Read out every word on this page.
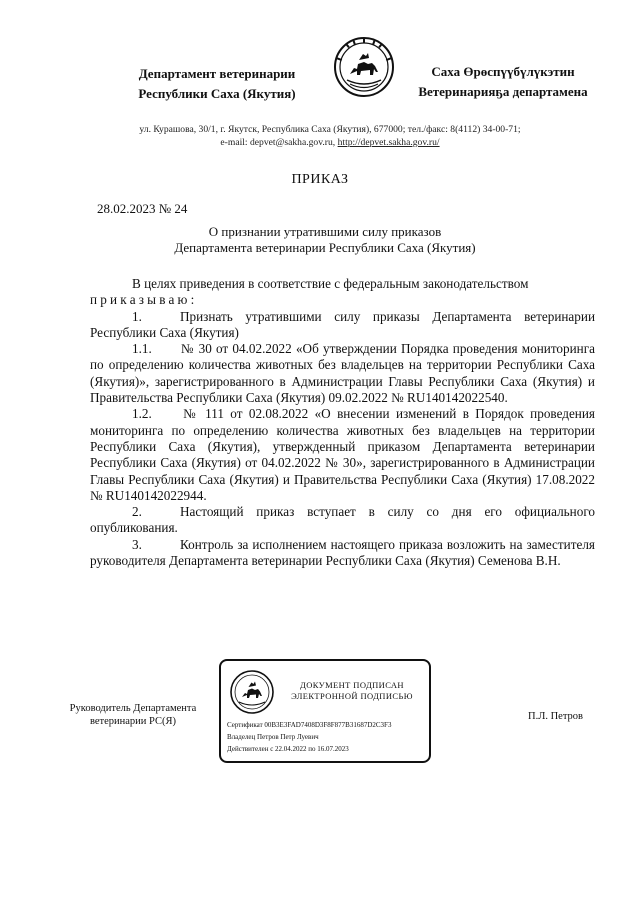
Департамент ветеринарии
Республики Саха (Якутия)
Саха Өрөспүүбүлүкэтин
Ветеринарияҕа департамена
ул. Курашова, 30/1, г. Якутск, Республика Саха (Якутия), 677000; тел./факс: 8(4112) 34-00-71;
e-mail: depvet@sakha.gov.ru, http://depvet.sakha.gov.ru/
ПРИКАЗ
28.02.2023 № 24
О признании утратившими силу приказов
Департамента ветеринарии Республики Саха (Якутия)

В целях приведения в соответствие с федеральным законодательством

приказываю:

1.	Признать утратившими силу приказы Департамента ветеринарии Республики Саха (Якутия)

1.1. № 30 от 04.02.2022 «Об утверждении Порядка проведения мониторинга по определению количества животных без владельцев на территории Республики Саха (Якутия)», зарегистрированного в Администрации Главы Республики Саха (Якутия) и Правительства Республики Саха (Якутия) 09.02.2022 № RU140142022540.

1.2. № 111 от 02.08.2022 «О внесении изменений в Порядок проведения мониторинга по определению количества животных без владельцев на территории Республики Саха (Якутия), утвержденный приказом Департамента ветеринарии Республики Саха (Якутия) от 04.02.2022 № 30», зарегистрированного в Администрации Главы Республики Саха (Якутия) и Правительства Республики Саха (Якутия) 17.08.2022 № RU140142022944.

2.	Настоящий приказ вступает в силу со дня его официального опубликования.

3.	Контроль за исполнением настоящего приказа возложить на заместителя руководителя Департамента ветеринарии Республики Саха (Якутия) Семенова В.Н.

Руководитель Департамента
ветеринарии РС(Я)
ДОКУМЕНТ ПОДПИСАН
ЭЛЕКТРОННОЙ ПОДПИСЬЮ
Сертификат 00B3E3FAD7408D3F8F877B31687D2C3F3
Владелец Петров Петр Луевич
Действителен с 22.04.2022 по 16.07.2023
П.Л. Петров
